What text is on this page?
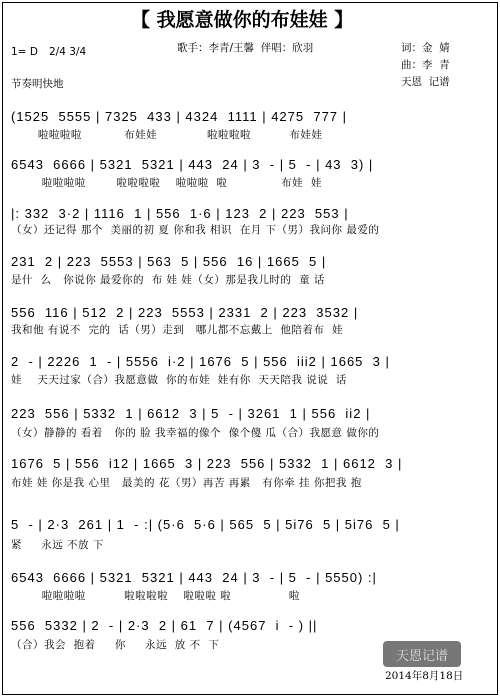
【 我愿意做你的布娃娃 】
1= D 2/4 3/4	歌手：李青/王馨  伴唱：欣羽	词：金  婧
曲：李  青
天恩  记谱
节奏明快地
(1525  5555 | 7325  433 | 4324  1111 | 4275  777 |
啦啦啦啦           布娃娃             啦啦啦啦          布娃娃
6543  6666 | 5321  5321 | 443  24 | 3  - | 5  - | 43  3) |
啦啦啦啦        啦啦啦啦    啦啦啦  啦              布娃  娃
|: 332  3·2 | 1116  1 | 556  1·6 | 123  2 | 223  553 |
（女）还记得 那个  美丽的初 夏 你和我 相识  在月 下（男）我问你 最爱的
231  2 | 223  5553 | 563  5 | 556  16 | 1665  5 |
是什  么   你说你 最爱你的  布 娃 娃（女）那是我儿时的  童 话
556  116 | 512  2 | 223  5553 | 2331  2 | 223  3532 |
我和他 有说不  完的  话（男）走到   哪儿都不忘戴上  他陪着布  娃
2  - | 2226  1  - | 5556  i·2 | 1676  5 | 556  iii2 | 1665  3 |
娃    天天过家（合）我愿意做  你的布娃  娃有你  天天陪我 说说  话
223  556 | 5332  1 | 6612  3 | 5  - | 3261  1 | 556  ii2 |
（女）静静的 看着   你的 脸 我幸福的像个  像个傻 瓜（合）我愿意 做你的
1676  5 | 556  i12 | 1665  3 | 223  556 | 5332  1 | 6612  3 |
布娃 娃 你是我 心里   最美的 花（男）再苦 再累   有你牵 挂 你把我 抱
5  - | 2·3  261 | 1  - :| (5·6  5·6 | 565  5 | 5i76  5 | 5i76  5 |
紧     永远 不放 下
6543  6666 | 5321  5321 | 443  24 | 3  - | 5  - | 5550) :|
啦啦啦啦          啦啦啦啦    啦啦啦 啦               啦
556  5332 | 2  - | 2·3  2 | 61  7 | (4567  i  - ) ||
（合）我会  抱着     你     永远  放 不  下
天恩记谱
2014年8月18日
